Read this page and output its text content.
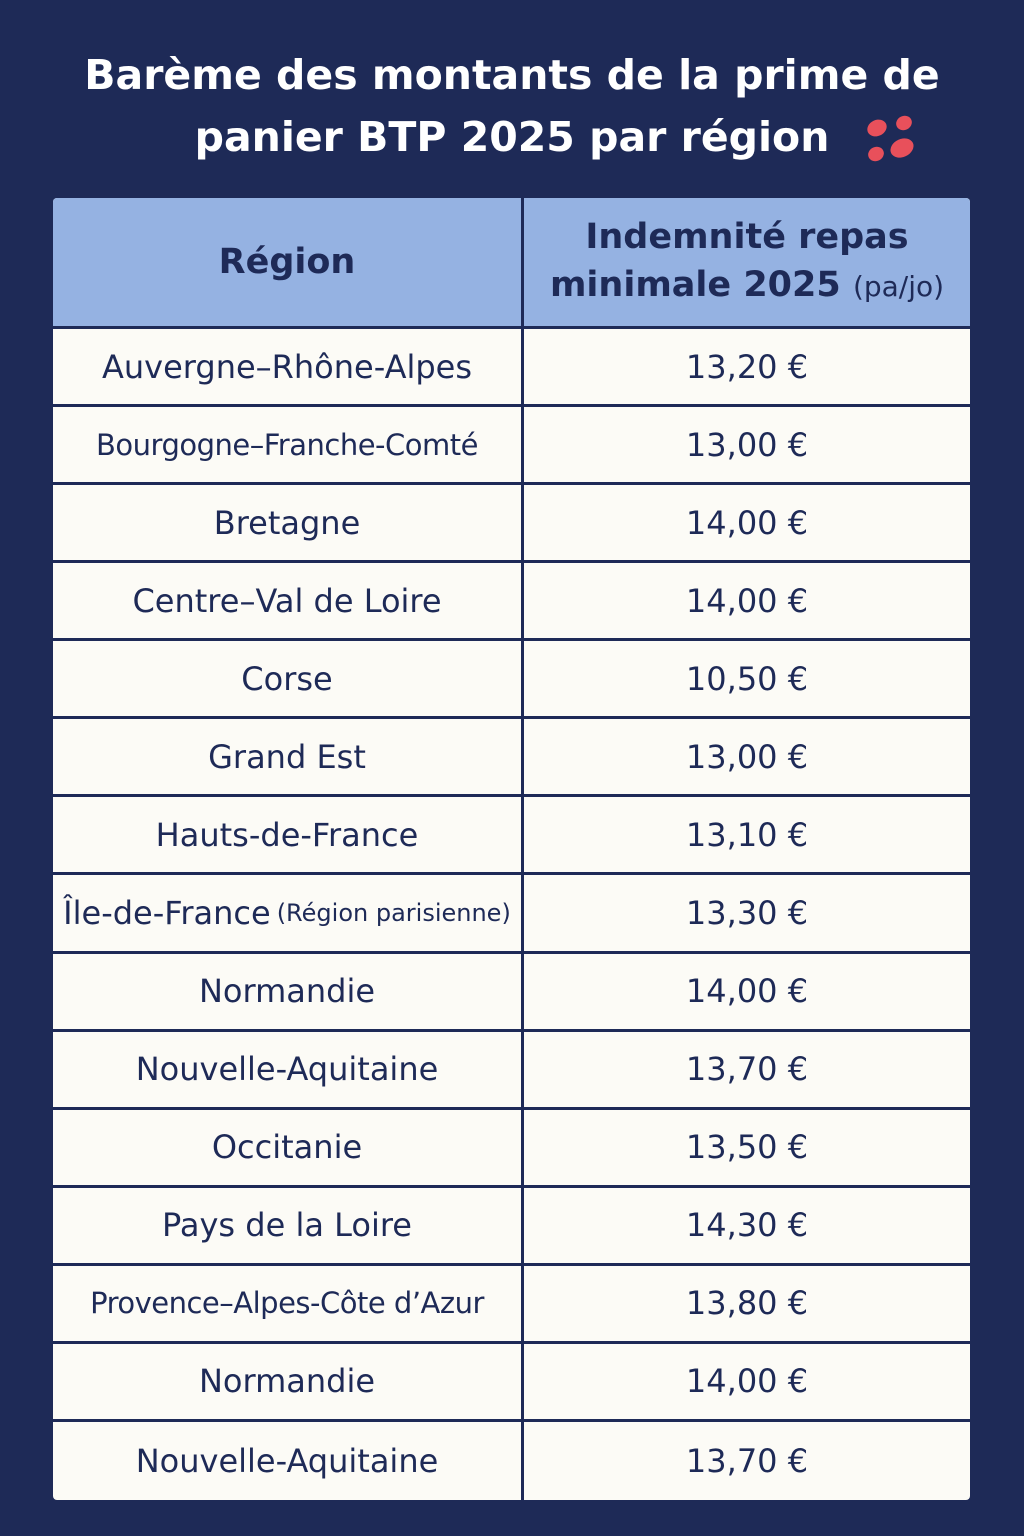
Barème des montants de la prime de
panier BTP 2025 par région
Région
Indemnité repas
minimale 2025 (pa/jo)
Auvergne–Rhône-Alpes	13,20 €
Bourgogne–Franche-Comté	13,00 €
Bretagne	14,00 €
Centre–Val de Loire	14,00 €
Corse	10,50 €
Grand Est	13,00 €
Hauts-de-France	13,10 €
Île-de-France (Région parisienne)	13,30 €
Normandie	14,00 €
Nouvelle-Aquitaine	13,70 €
Occitanie	13,50 €
Pays de la Loire	14,30 €
Provence–Alpes-Côte d’Azur	13,80 €
Normandie	14,00 €
Nouvelle-Aquitaine	13,70 €
